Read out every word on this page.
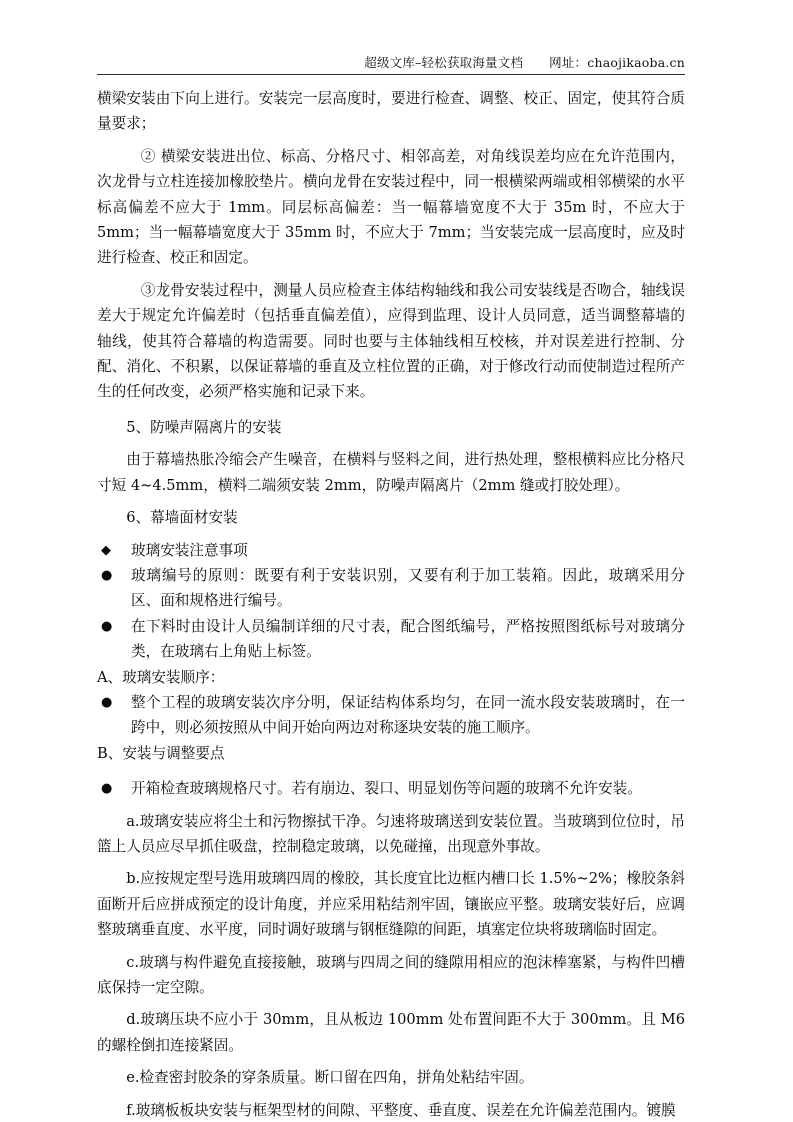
超级文库–轻松获取海量文档 网址：chaojikaoba.cn

横梁安装由下向上进行。安装完一层高度时，要进行检查、调整、校正、固定，使其符合质量要求；

② 横梁安装进出位、标高、分格尺寸、相邻高差，对角线误差均应在允许范围内，次龙骨与立柱连接加橡胶垫片。横向龙骨在安装过程中，同一根横梁两端或相邻横梁的水平标高偏差不应大于 1mm。同层标高偏差：当一幅幕墙宽度不大于 35m 时，不应大于 5mm；当一幅幕墙宽度大于 35mm 时，不应大于 7mm；当安装完成一层高度时，应及时进行检查、校正和固定。

③龙骨安装过程中，测量人员应检查主体结构轴线和我公司安装线是否吻合，轴线误差大于规定允许偏差时（包括垂直偏差值），应得到监理、设计人员同意，适当调整幕墙的轴线，使其符合幕墙的构造需要。同时也要与主体轴线相互校核，并对误差进行控制、分配、消化、不积累，以保证幕墙的垂直及立柱位置的正确，对于修改行动而使制造过程所产生的任何改变，必须严格实施和记录下来。

5、防噪声隔离片的安装

由于幕墙热胀冷缩会产生噪音，在横料与竖料之间，进行热处理，整根横料应比分格尺寸短 4~4.5mm，横料二端须安装 2mm，防噪声隔离片（2mm 缝或打胶处理）。

6、幕墙面材安装

◆ 玻璃安装注意事项
● 玻璃编号的原则：既要有利于安装识别，又要有利于加工装箱。因此，玻璃采用分区、面和规格进行编号。
● 在下料时由设计人员编制详细的尺寸表，配合图纸编号，严格按照图纸标号对玻璃分类，在玻璃右上角贴上标签。

A、玻璃安装顺序：

● 整个工程的玻璃安装次序分明，保证结构体系均匀，在同一流水段安装玻璃时，在一跨中，则必须按照从中间开始向两边对称逐块安装的施工顺序。

B、安装与调整要点

● 开箱检查玻璃规格尺寸。若有崩边、裂口、明显划伤等问题的玻璃不允许安装。

a.玻璃安装应将尘土和污物擦拭干净。匀速将玻璃送到安装位置。当玻璃到位位时，吊篮上人员应尽早抓住吸盘，控制稳定玻璃，以免碰撞，出现意外事故。

b.应按规定型号选用玻璃四周的橡胶，其长度宜比边框内槽口长 1.5%~2%；橡胶条斜面断开后应拼成预定的设计角度，并应采用粘结剂牢固，镶嵌应平整。玻璃安装好后，应调整玻璃垂直度、水平度，同时调好玻璃与钢框缝隙的间距，填塞定位块将玻璃临时固定。

c.玻璃与构件避免直接接触，玻璃与四周之间的缝隙用相应的泡沫棒塞紧，与构件凹槽底保持一定空隙。

d.玻璃压块不应小于 30mm，且从板边 100mm 处布置间距不大于 300mm。且 M6 的螺栓倒扣连接紧固。

e.检查密封胶条的穿条质量。断口留在四角，拼角处粘结牢固。

f.玻璃板板块安装与框架型材的间隙、平整度、垂直度、误差在允许偏差范围内。镀膜
